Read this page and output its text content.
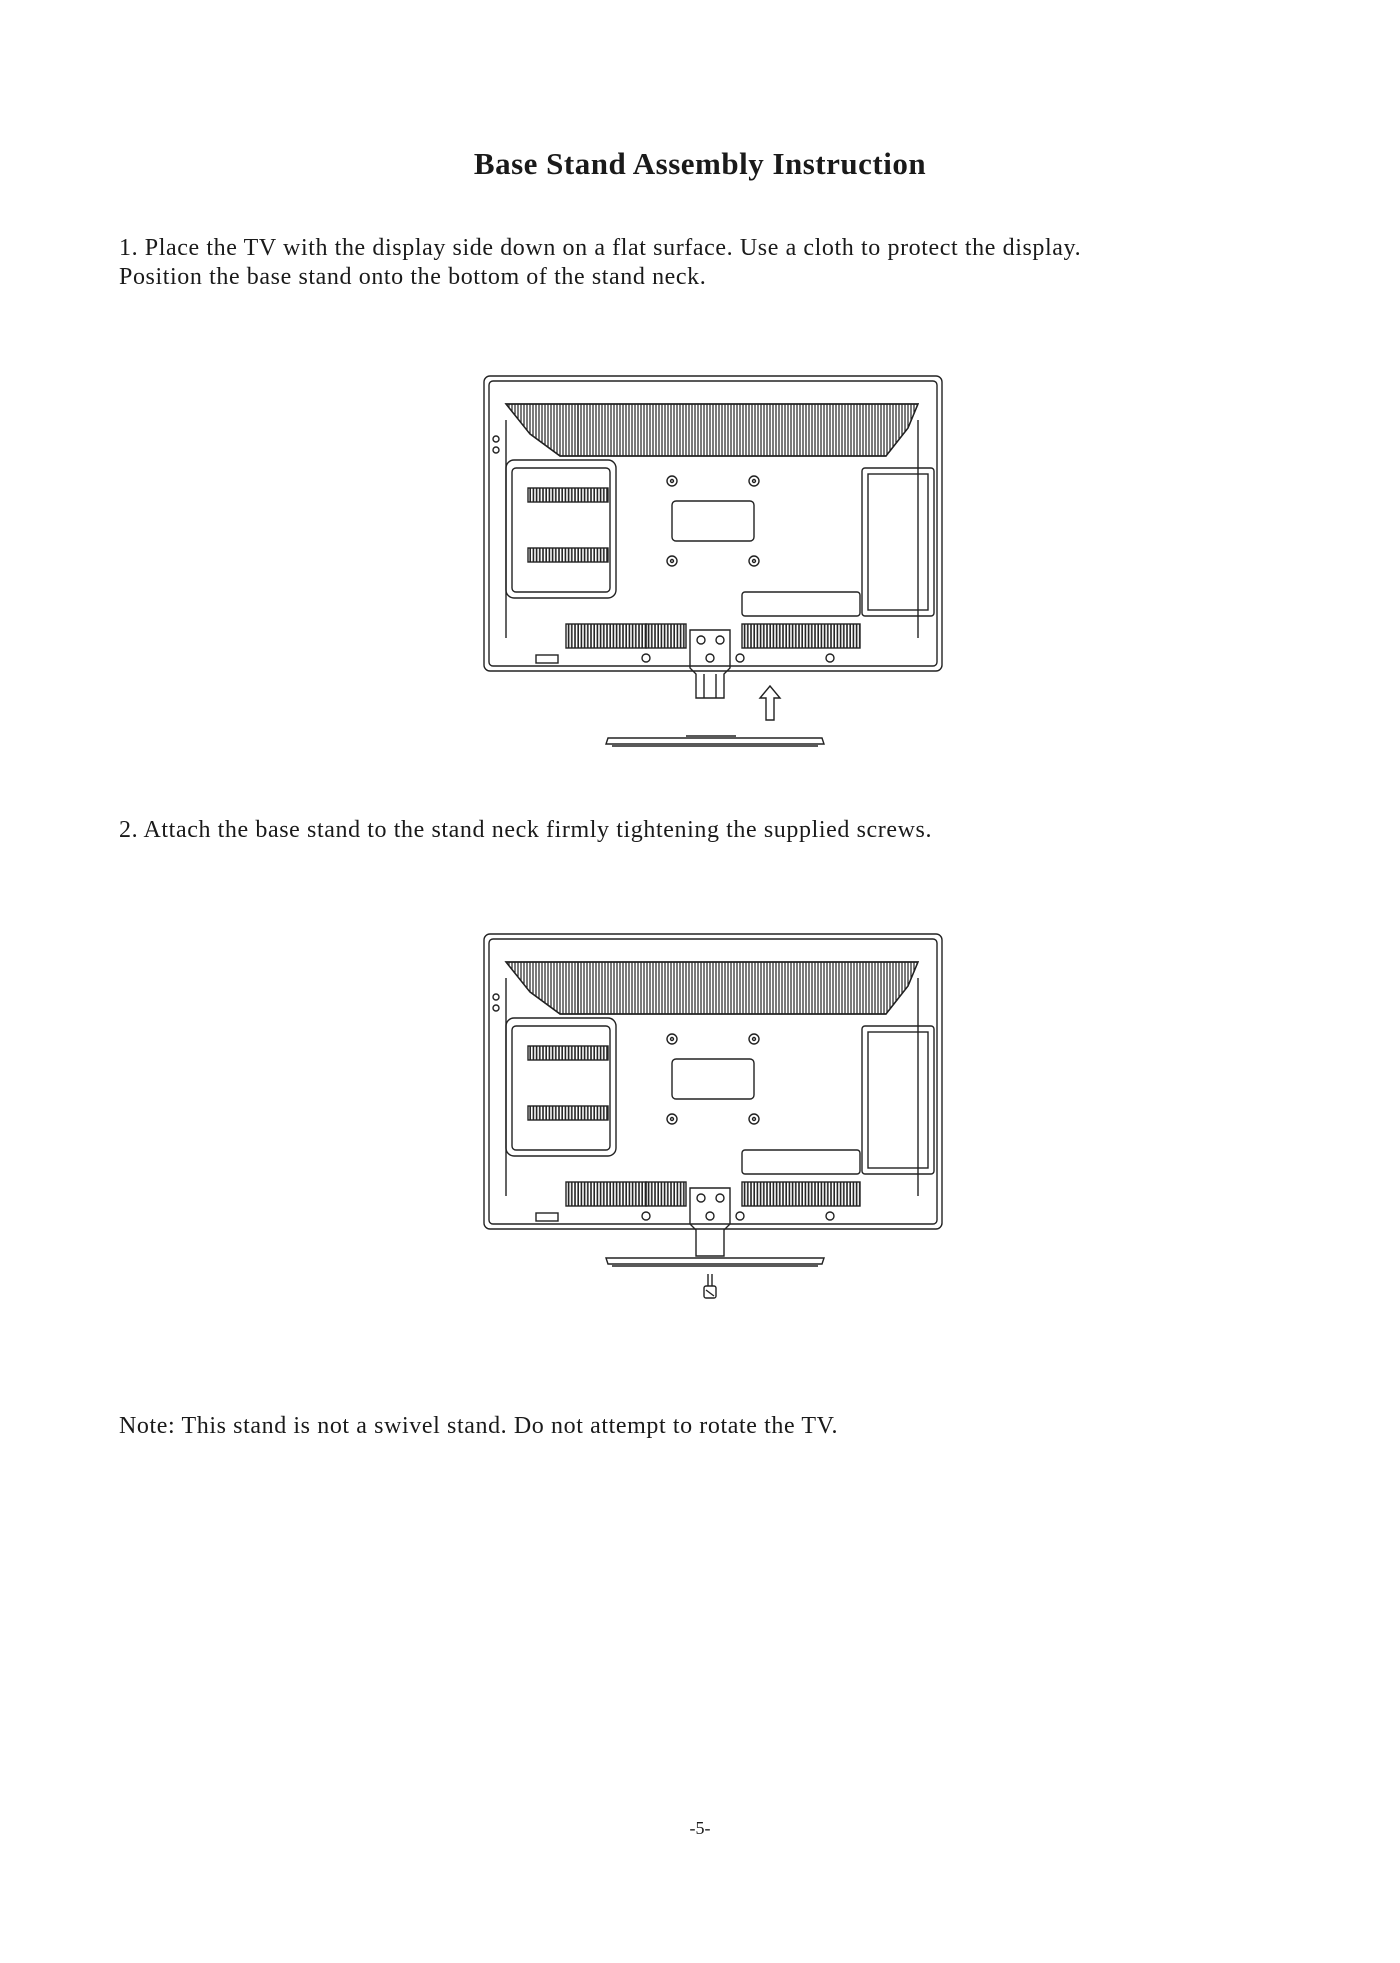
Base Stand Assembly Instruction
1. Place the TV with the display side down on a flat surface. Use a cloth to protect the display.
Position the base stand onto the bottom of the stand neck.
2. Attach the base stand to the stand neck firmly tightening the supplied screws.
Note: This stand is not a swivel stand. Do not attempt to rotate the TV.
-5-
